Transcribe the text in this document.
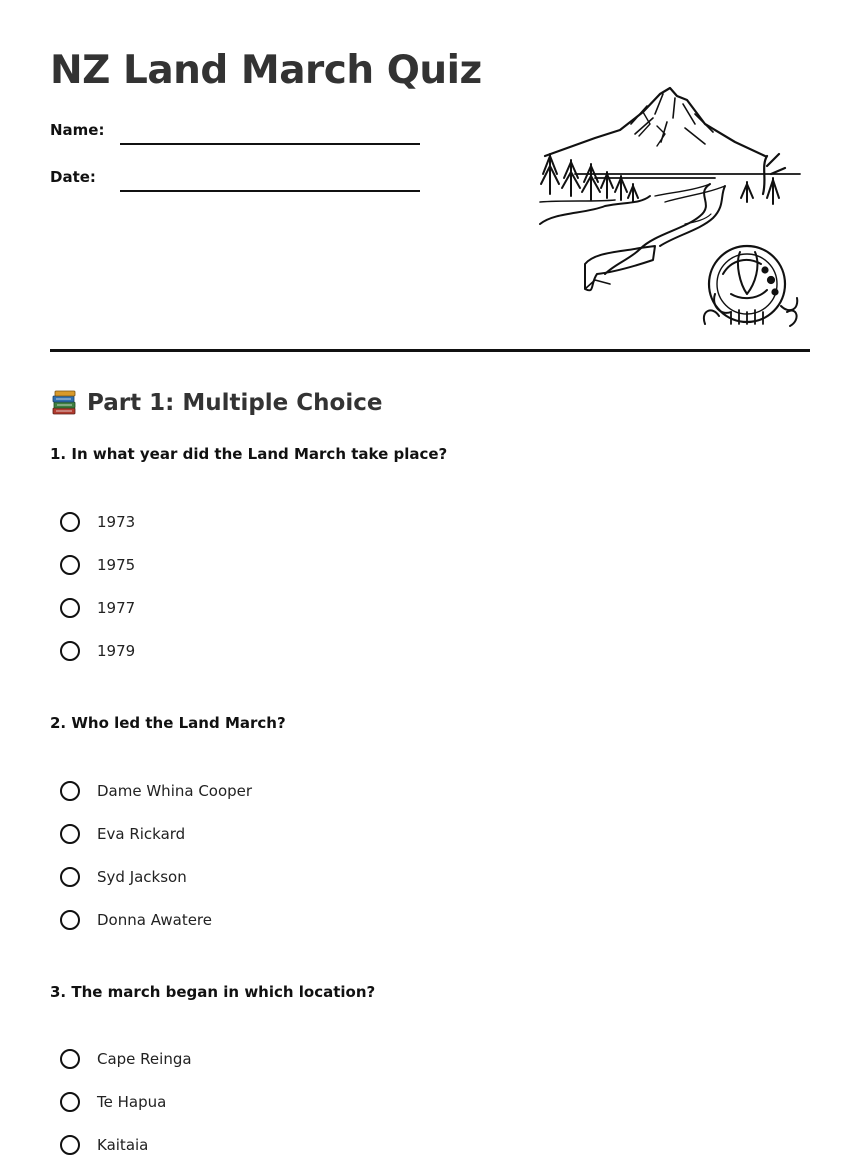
NZ Land March Quiz
Name:
Date:
Part 1: Multiple Choice
1. In what year did the Land March take place?
1973
1975
1977
1979
2. Who led the Land March?
Dame Whina Cooper
Eva Rickard
Syd Jackson
Donna Awatere
3. The march began in which location?
Cape Reinga
Te Hapua
Kaitaia
